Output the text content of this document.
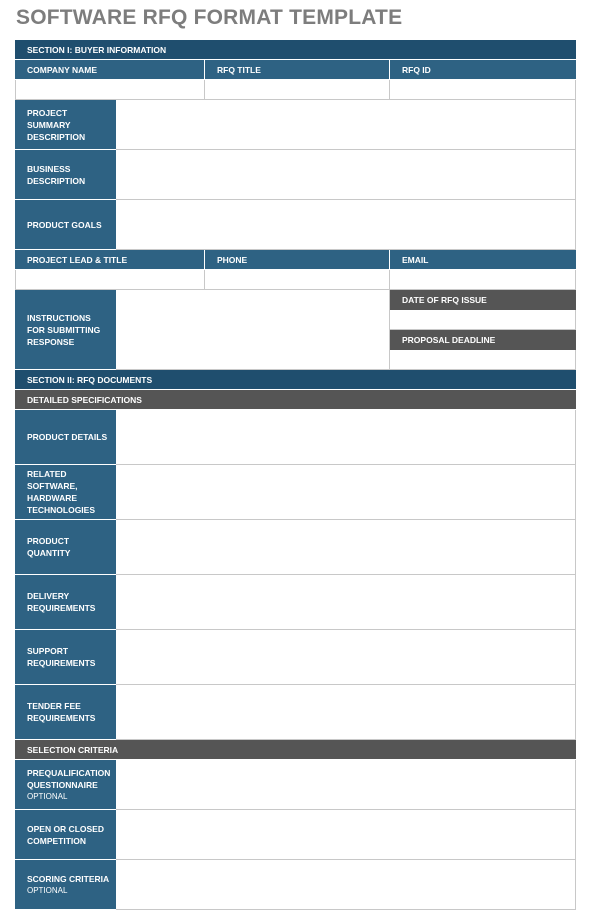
SOFTWARE RFQ FORMAT TEMPLATE
SECTION I: BUYER INFORMATION
COMPANY NAME	RFQ TITLE	RFQ ID
PROJECT SUMMARY DESCRIPTION
BUSINESS DESCRIPTION
PRODUCT GOALS
PROJECT LEAD & TITLE	PHONE	EMAIL
INSTRUCTIONS FOR SUBMITTING RESPONSE
DATE OF RFQ ISSUE
PROPOSAL DEADLINE
SECTION II: RFQ DOCUMENTS
DETAILED SPECIFICATIONS
PRODUCT DETAILS
RELATED SOFTWARE, HARDWARE TECHNOLOGIES
PRODUCT QUANTITY
DELIVERY REQUIREMENTS
SUPPORT REQUIREMENTS
TENDER FEE REQUIREMENTS
SELECTION CRITERIA
PREQUALIFICATION QUESTIONNAIRE
OPTIONAL
OPEN OR CLOSED COMPETITION
SCORING CRITERIA
OPTIONAL
